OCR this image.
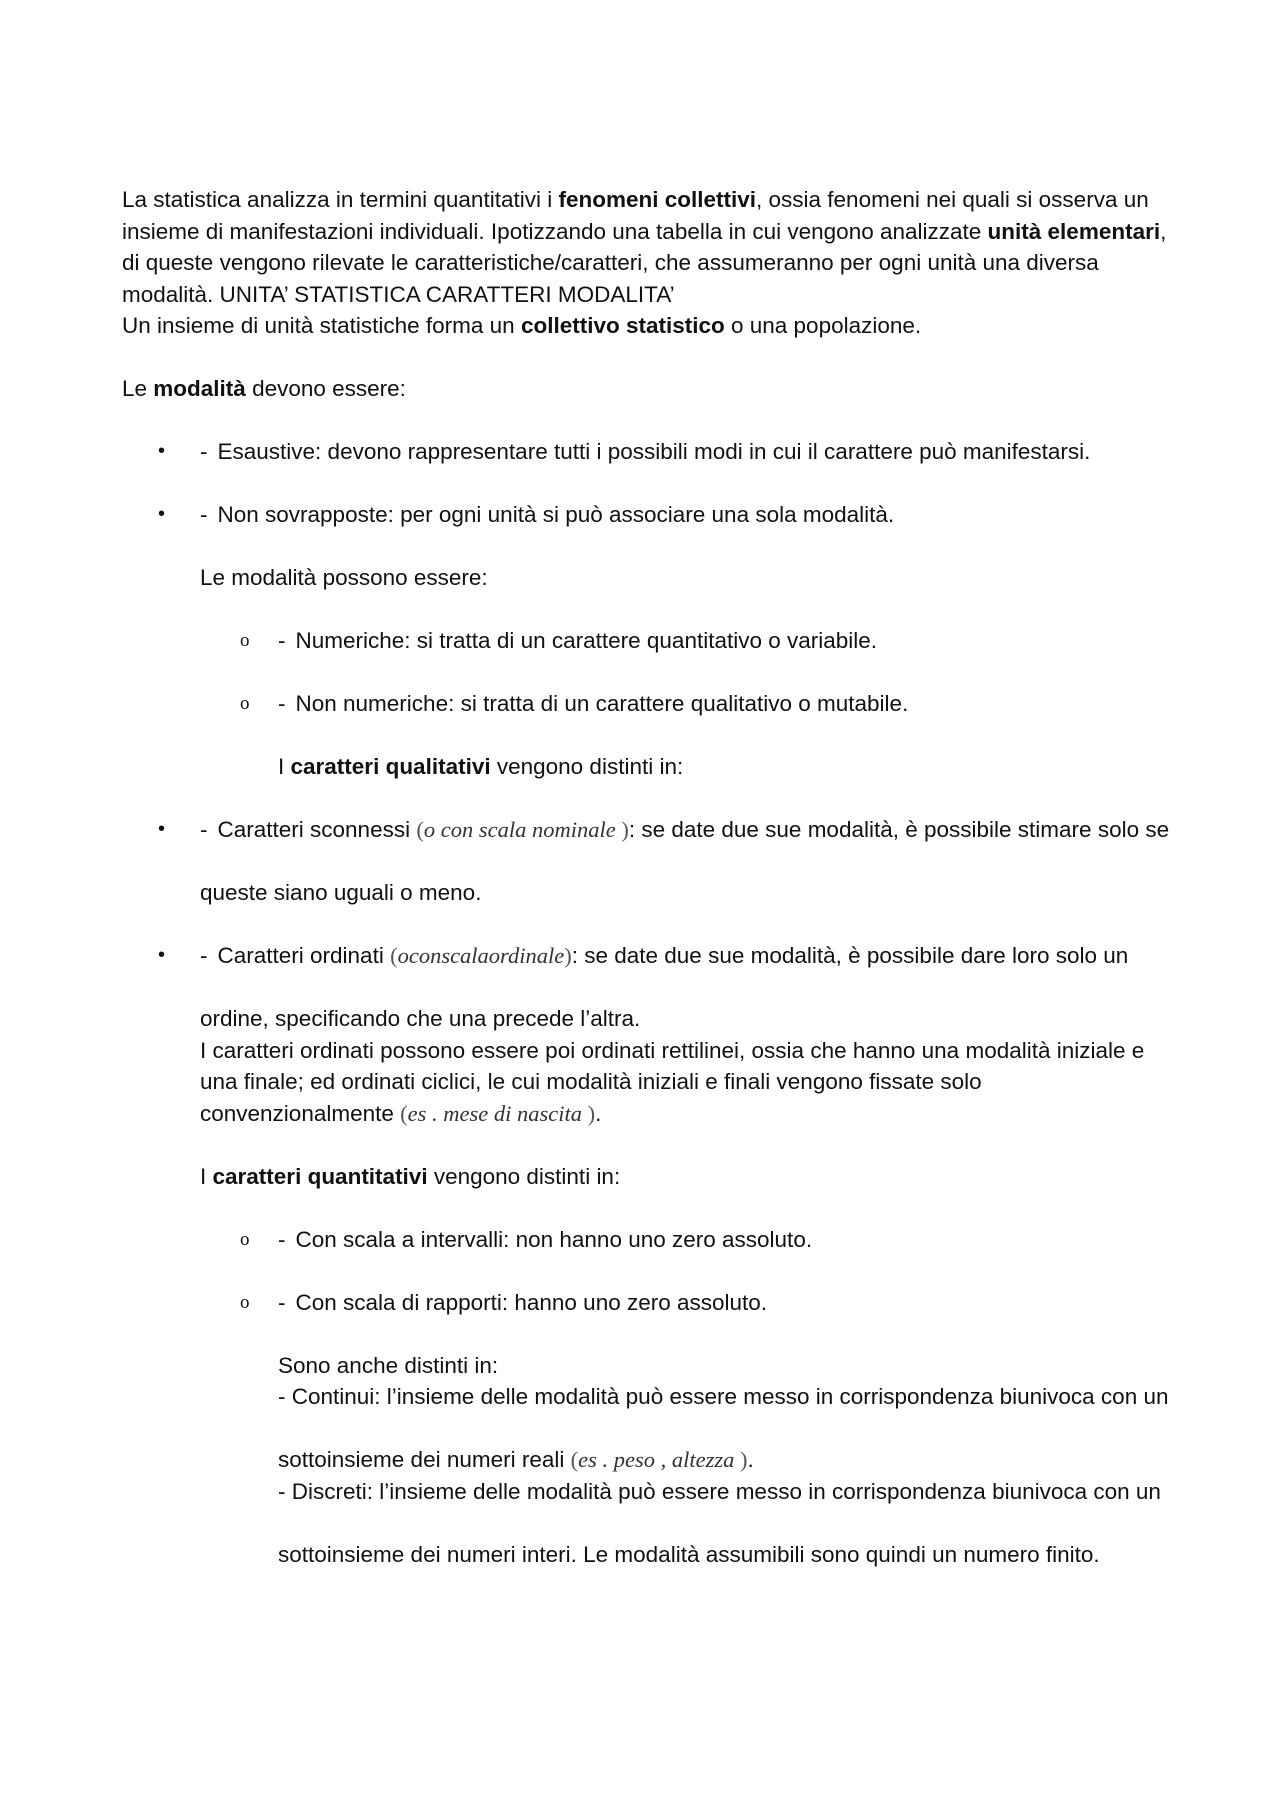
La statistica analizza in termini quantitativi i fenomeni collettivi, ossia fenomeni nei quali si osserva un insieme di manifestazioni individuali. Ipotizzando una tabella in cui vengono analizzate unità elementari, di queste vengono rilevate le caratteristiche/caratteri, che assumeranno per ogni unità una diversa modalità. UNITA’ STATISTICA CARATTERI MODALITA’

Un insieme di unità statistiche forma un collettivo statistico o una popolazione.

Le modalità devono essere:

•	- Esaustive: devono rappresentare tutti i possibili modi in cui il carattere può manifestarsi.

•	- Non sovrapposte: per ogni unità si può associare una sola modalità.

Le modalità possono essere:

o - Numeriche: si tratta di un carattere quantitativo o variabile.

o - Non numeriche: si tratta di un carattere qualitativo o mutabile.

I caratteri qualitativi vengono distinti in:

•	- Caratteri sconnessi (o con scala nominale ): se date due sue modalità, è possibile stimare solo se

queste siano uguali o meno.

•	- Caratteri ordinati (oconscalaordinale): se date due sue modalità, è possibile dare loro solo un

ordine, specificando che una precede l’altra.

I caratteri ordinati possono essere poi ordinati rettilinei, ossia che hanno una modalità iniziale e una finale; ed ordinati ciclici, le cui modalità iniziali e finali vengono fissate solo convenzionalmente (es . mese di nascita ).

I caratteri quantitativi vengono distinti in:

o - Con scala a intervalli: non hanno uno zero assoluto.

o - Con scala di rapporti: hanno uno zero assoluto.

Sono anche distinti in:

- Continui: l’insieme delle modalità può essere messo in corrispondenza biunivoca con un

sottoinsieme dei numeri reali (es . peso , altezza ).

- Discreti: l’insieme delle modalità può essere messo in corrispondenza biunivoca con un

sottoinsieme dei numeri interi. Le modalità assumibili sono quindi un numero finito.
